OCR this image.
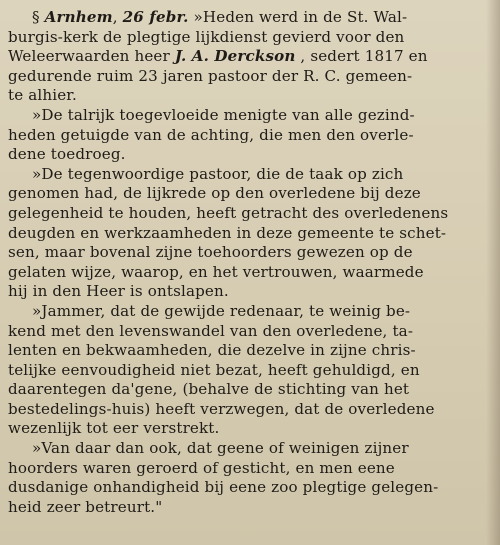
§ Arnhem, 26 febr. »Heden werd in de St. Wal-
burgis-kerk de plegtige lijkdienst gevierd voor den
Weleerwaarden heer J. A. Derckson , sedert 1817 en
gedurende ruim 23 jaren pastoor der R. C. gemeen-
te alhier.

»De talrijk toegevloeide menigte van alle gezind-
heden getuigde van de achting, die men den overle-
dene toedroeg.

»De tegenwoordige pastoor, die de taak op zich
genomen had, de lijkrede op den overledene bij deze
gelegenheid te houden, heeft getracht des overledenens
deugden en werkzaamheden in deze gemeente te schet-
sen, maar bovenal zijne toehoorders gewezen op de
gelaten wijze, waarop, en het vertrouwen, waarmede
hij in den Heer is ontslapen.

»Jammer, dat de gewijde redenaar, te weinig be-
kend met den levenswandel van den overledene, ta-
lenten en bekwaamheden, die dezelve in zijne chris-
telijke eenvoudigheid niet bezat, heeft gehuldigd, en
daarentegen da'gene, (behalve de stichting van het
bestedelings-huis) heeft verzwegen, dat de overledene
wezenlijk tot eer verstrekt.

»Van daar dan ook, dat geene of weinigen zijner
hoorders waren geroerd of gesticht, en men eene
dusdanige onhandigheid bij eene zoo plegtige gelegen-
heid zeer betreurt."
